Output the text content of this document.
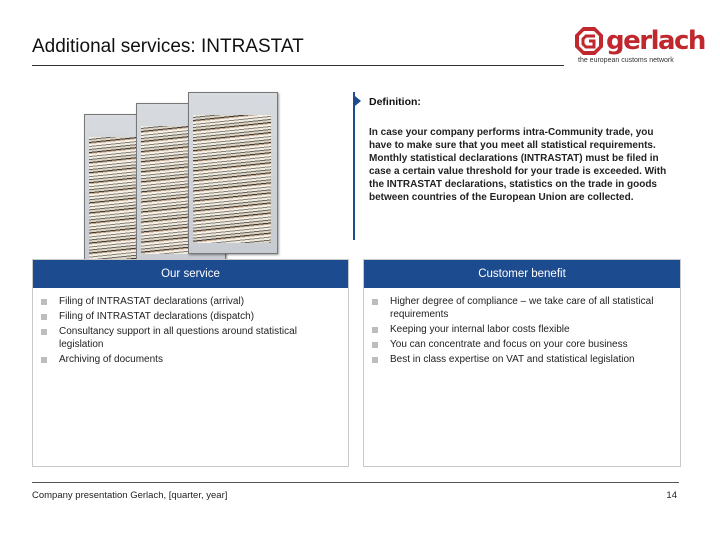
Additional services: INTRASTAT	gerlach
the european customs network
Definition:
In case your company performs intra-Community trade, you have to make sure that you meet all statistical requirements. Monthly statistical declarations (INTRASTAT) must be filed in case a certain value threshold for your trade is exceeded. With the INTRASTAT declarations, statistics on the trade in goods between countries of the European Union are collected.
Our service
Filing of INTRASTAT declarations (arrival)
Filing of INTRASTAT declarations (dispatch)
Consultancy support in all questions around statistical legislation
Archiving of documents
Customer benefit
Higher degree of compliance – we take care of all statistical requirements
Keeping your internal labor costs flexible
You can concentrate and focus on your core business
Best in class expertise on VAT and statistical legislation
Company presentation Gerlach, [quarter, year]	14
